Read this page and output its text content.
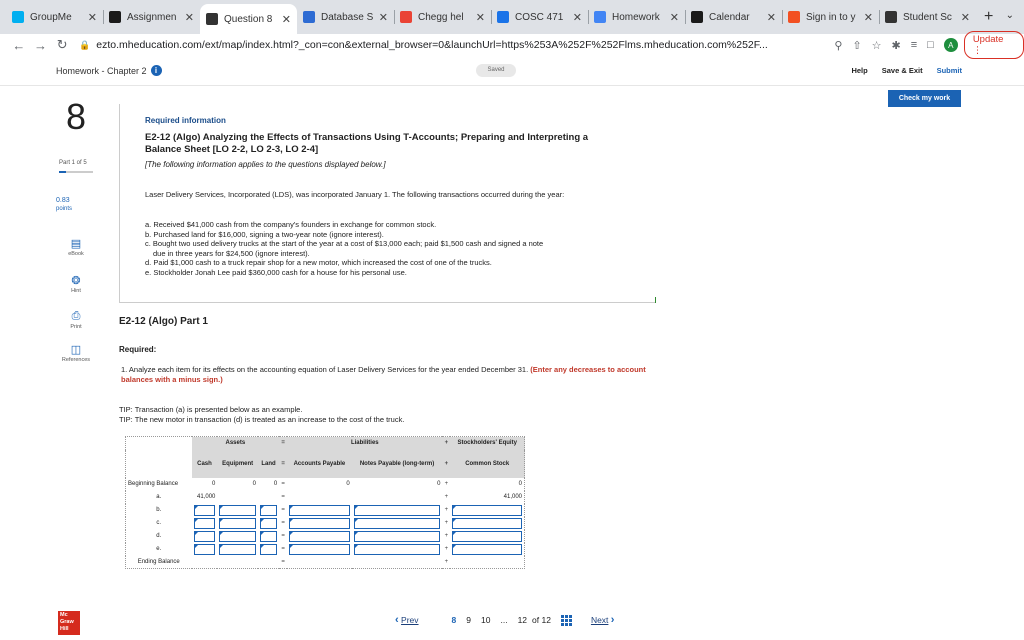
GroupMe	✕	Assignmen ✕	Question 8 ✕	Database S ✕	Chegg hel	✕	COSC 471 ✕	Homework ✕	Calendar	✕	Sign in to y ✕	Student Sc ✕ + ⌄
← → ↻	🔒 ezto.mheducation.com/ext/map/index.html?_con=con&external_browser=0&launchUrl=https%253A%252F%252Flms.mheducation.com%252F...	⚲ ⇧ ☆ ✱ ≡ □	A	Update ⋮
Homework - Chapter 2	i	Saved	Help Save & Exit Submit
Check my work
8
Part 1 of 5
0.83
points
▤
eBook
❂
Hint
⎙
Print
◫
References
Mc
Graw
Hill
Required information
E2-12 (Algo) Analyzing the Effects of Transactions Using T-Accounts; Preparing and Interpreting a Balance Sheet [LO 2-2, LO 2-3, LO 2-4]
[The following information applies to the questions displayed below.]
Laser Delivery Services, Incorporated (LDS), was incorporated January 1. The following transactions occurred during the year:
a. Received $41,000 cash from the company's founders in exchange for common stock.
b. Purchased land for $16,000, signing a two-year note (ignore interest).
c. Bought two used delivery trucks at the start of the year at a cost of $13,000 each; paid $1,500 cash and signed a note
due in three years for $24,500 (ignore interest).
d. Paid $1,000 cash to a truck repair shop for a new motor, which increased the cost of one of the trucks.
e. Stockholder Jonah Lee paid $360,000 cash for a house for his personal use.
E2-12 (Algo) Part 1
Required:
1. Analyze each item for its effects on the accounting equation of Laser Delivery Services for the year ended December 31. (Enter any decreases to account balances with a minus sign.)
TIP: Transaction (a) is presented below as an example.
TIP: The new motor in transaction (d) is treated as an increase to the cost of the truck.
	Assets			=	Liabilities		+	Stockholders' Equity
	Cash	Equipment	Land	=	Accounts Payable	Notes Payable (long-term)	+	Common Stock
Beginning Balance	0	0	0	=	0	0	+	0
a.	41,000			=			+	41,000
b.				=			+	

c.				=			+	

d.				=			+	

e.				=			+	

Ending Balance				=			+	
‹
Prev	8 9 10 ... 12 of 12	Next
›
